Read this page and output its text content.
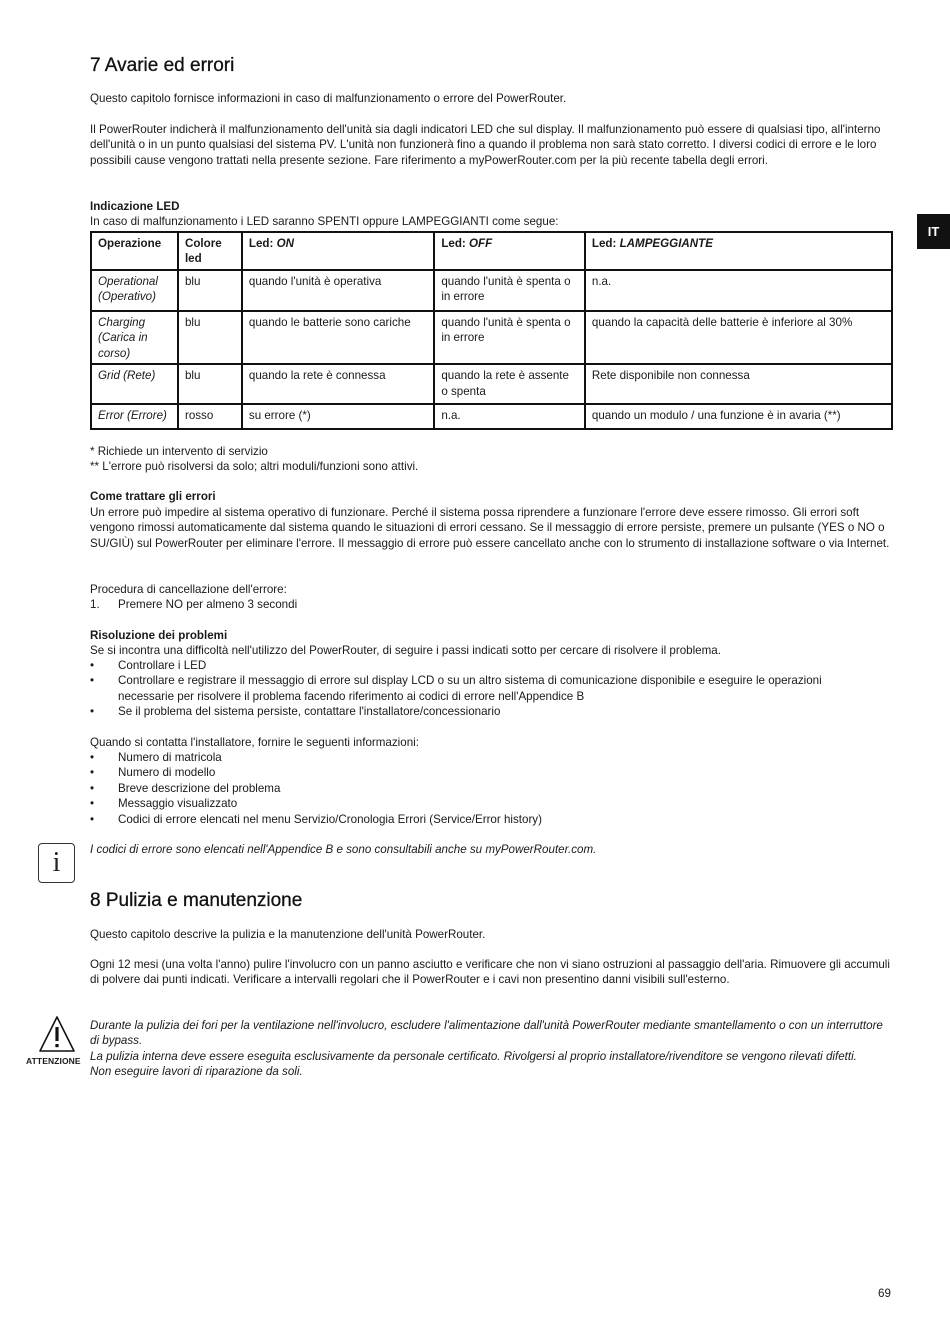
IT
7 Avarie ed errori

Questo capitolo fornisce informazioni in caso di malfunzionamento o errore del PowerRouter.

Il PowerRouter indicherà il malfunzionamento dell'unità sia dagli indicatori LED che sul display. Il malfunzionamento può essere di qualsiasi tipo, all'interno dell'unità o in un punto qualsiasi del sistema PV. L'unità non funzionerà fino a quando il problema non sarà stato corretto. I diversi codici di errore e le loro possibili cause vengono trattati nella presente sezione. Fare riferimento a myPowerRouter.com per la più recente tabella degli errori.

Indicazione LED

In caso di malfunzionamento i LED saranno SPENTI oppure LAMPEGGIANTI come segue:

Operazione	Colore led	Led: ON	Led: OFF	Led: LAMPEGGIANTE
Operational (Operativo)	blu	quando l'unità è operativa	quando l'unità è spenta o in errore	n.a.
Charging (Carica in corso)	blu	quando le batterie sono cariche	quando l'unità è spenta o in errore	quando la capacità delle batterie è inferiore al 30%
Grid (Rete)	blu	quando la rete è connessa	quando la rete è assente o spenta	Rete disponibile non connessa
Error (Errore)	rosso	su errore (*)	n.a.	quando un modulo / una funzione è in avaria (**)

* Richiede un intervento di servizio

** L'errore può risolversi da solo; altri moduli/funzioni sono attivi.

Come trattare gli errori

Un errore può impedire al sistema operativo di funzionare. Perché il sistema possa riprendere a funzionare l'errore deve essere rimosso. Gli errori soft vengono rimossi automaticamente dal sistema quando le situazioni di errori cessano. Se il messaggio di errore persiste, premere un pulsante (YES o NO o SU/GIÙ) sul PowerRouter per eliminare l'errore. Il messaggio di errore può essere cancellato anche con lo strumento di installazione software o via Internet.

Procedura di cancellazione dell'errore:

1. Premere NO per almeno 3 secondi

Risoluzione dei problemi

Se si incontra una difficoltà nell'utilizzo del PowerRouter, di seguire i passi indicati sotto per cercare di risolvere il problema.

• Controllare i LED
• Controllare e registrare il messaggio di errore sul display LCD o su un altro sistema di comunicazione disponibile e eseguire le operazioni necessarie per risolvere il problema facendo riferimento ai codici di errore nell'Appendice B
• Se il problema del sistema persiste, contattare l'installatore/concessionario

Quando si contatta l'installatore, fornire le seguenti informazioni:

• Numero di matricola
• Numero di modello
• Breve descrizione del problema
• Messaggio visualizzato
• Codici di errore elencati nel menu Servizio/Cronologia Errori (Service/Error history)
i	I codici di errore sono elencati nell'Appendice B e sono consultabili anche su myPowerRouter.com.

8 Pulizia e manutenzione

Questo capitolo descrive la pulizia e la manutenzione dell'unità PowerRouter.

Ogni 12 mesi (una volta l'anno) pulire l'involucro con un panno asciutto e verificare che non vi siano ostruzioni al passaggio dell'aria. Rimuovere gli accumuli di polvere dai punti indicati. Verificare a intervalli regolari che il PowerRouter e i cavi non presentino danni visibili sull'esterno.

ATTENZIONE

Durante la pulizia dei fori per la ventilazione nell'involucro, escludere l'alimentazione dall'unità PowerRouter mediante smantellamento o con un interruttore di bypass.

La pulizia interna deve essere eseguita esclusivamente da personale certificato. Rivolgersi al proprio installatore/rivenditore se vengono rilevati difetti. Non eseguire lavori di riparazione da soli.

69
